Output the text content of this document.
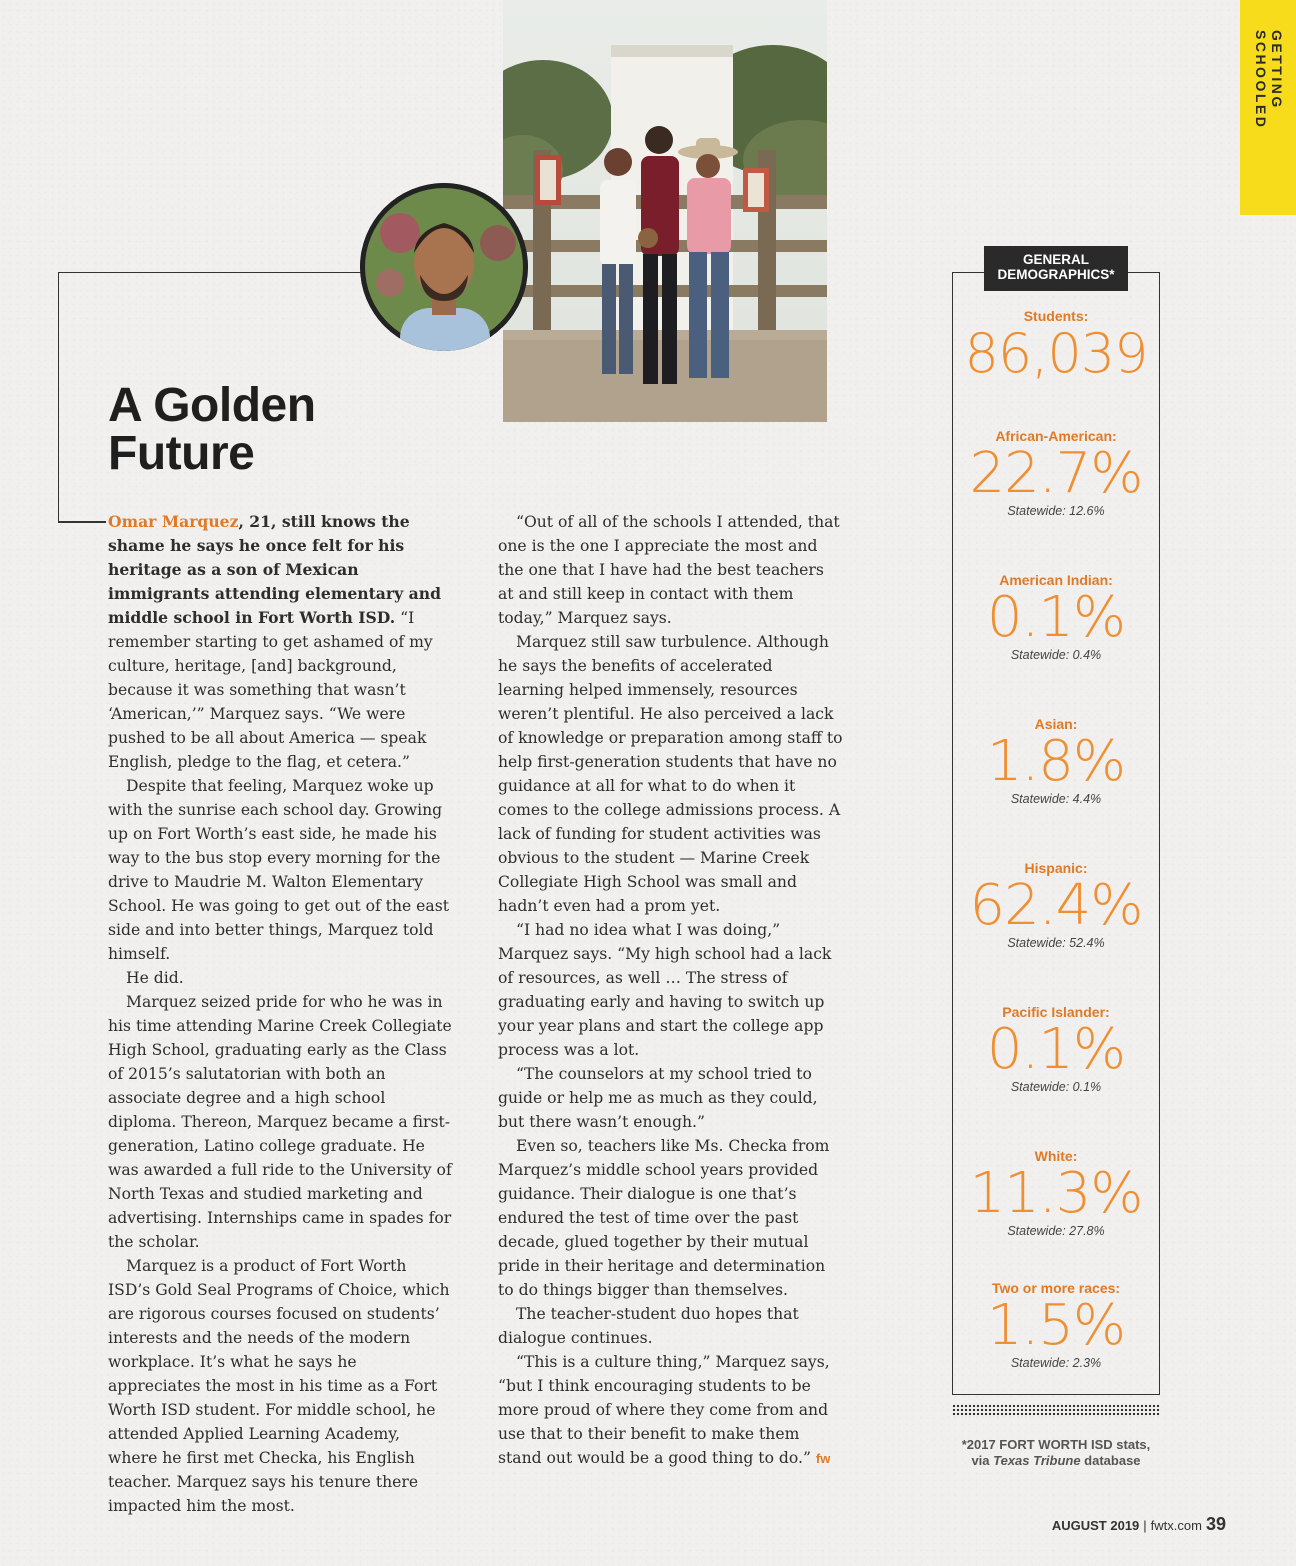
GETTING SCHOOLED
A Golden
Future

Omar Marquez, 21, still knows the shame he says he once felt for his heritage as a son of Mexican immigrants attending elementary and middle school in Fort Worth ISD. “I remember starting to get ashamed of my culture, heritage, [and] background, because it was something that wasn’t ‘American,’” Marquez says. “We were pushed to be all about America — speak English, pledge to the flag, et cetera.”

Despite that feeling, Marquez woke up with the sunrise each school day. Growing up on Fort Worth’s east side, he made his way to the bus stop every morning for the drive to Maudrie M. Walton Elementary School. He was going to get out of the east side and into better things, Marquez told himself.

He did.

Marquez seized pride for who he was in his time attending Marine Creek Collegiate High School, graduating early as the Class of 2015’s salutatorian with both an associate degree and a high school diploma. Thereon, Marquez became a first-generation, Latino college graduate. He was awarded a full ride to the University of North Texas and studied marketing and advertising. Internships came in spades for the scholar.

Marquez is a product of Fort Worth ISD’s Gold Seal Programs of Choice, which are rigorous courses focused on students’ interests and the needs of the modern workplace. It’s what he says he appreciates the most in his time as a Fort Worth ISD student. For middle school, he attended Applied Learning Academy, where he first met Checka, his English teacher. Marquez says his tenure there impacted him the most.

“Out of all of the schools I attended, that one is the one I appreciate the most and the one that I have had the best teachers at and still keep in contact with them today,” Marquez says.

Marquez still saw turbulence. Although he says the benefits of accelerated learning helped immensely, resources weren’t plentiful. He also perceived a lack of knowledge or preparation among staff to help first-generation students that have no guidance at all for what to do when it comes to the college admissions process. A lack of funding for student activities was obvious to the student — Marine Creek Collegiate High School was small and hadn’t even had a prom yet.

“I had no idea what I was doing,” Marquez says. “My high school had a lack of resources, as well … The stress of graduating early and having to switch up your year plans and start the college app process was a lot.

“The counselors at my school tried to guide or help me as much as they could, but there wasn’t enough.”

Even so, teachers like Ms. Checka from Marquez’s middle school years provided guidance. Their dialogue is one that’s endured the test of time over the past decade, glued together by their mutual pride in their heritage and determination to do things bigger than themselves.

The teacher-student duo hopes that dialogue continues.

“This is a culture thing,” Marquez says, “but I think encouraging students to be more proud of where they come from and use that to their benefit to make them stand out would be a good thing to do.” fw

GENERAL
DEMOGRAPHICS*
Students:
86,039
African-American:
22.7%
Statewide: 12.6%
American Indian:
0.1%
Statewide: 0.4%
Asian:
1.8%
Statewide: 4.4%
Hispanic:
62.4%
Statewide: 52.4%
Pacific Islander:
0.1%
Statewide: 0.1%
White:
11.3%
Statewide: 27.8%
Two or more races:
1.5%
Statewide: 2.3%
*2017 FORT WORTH ISD stats,
via Texas Tribune database
AUGUST 2019 | fwtx.com 39
